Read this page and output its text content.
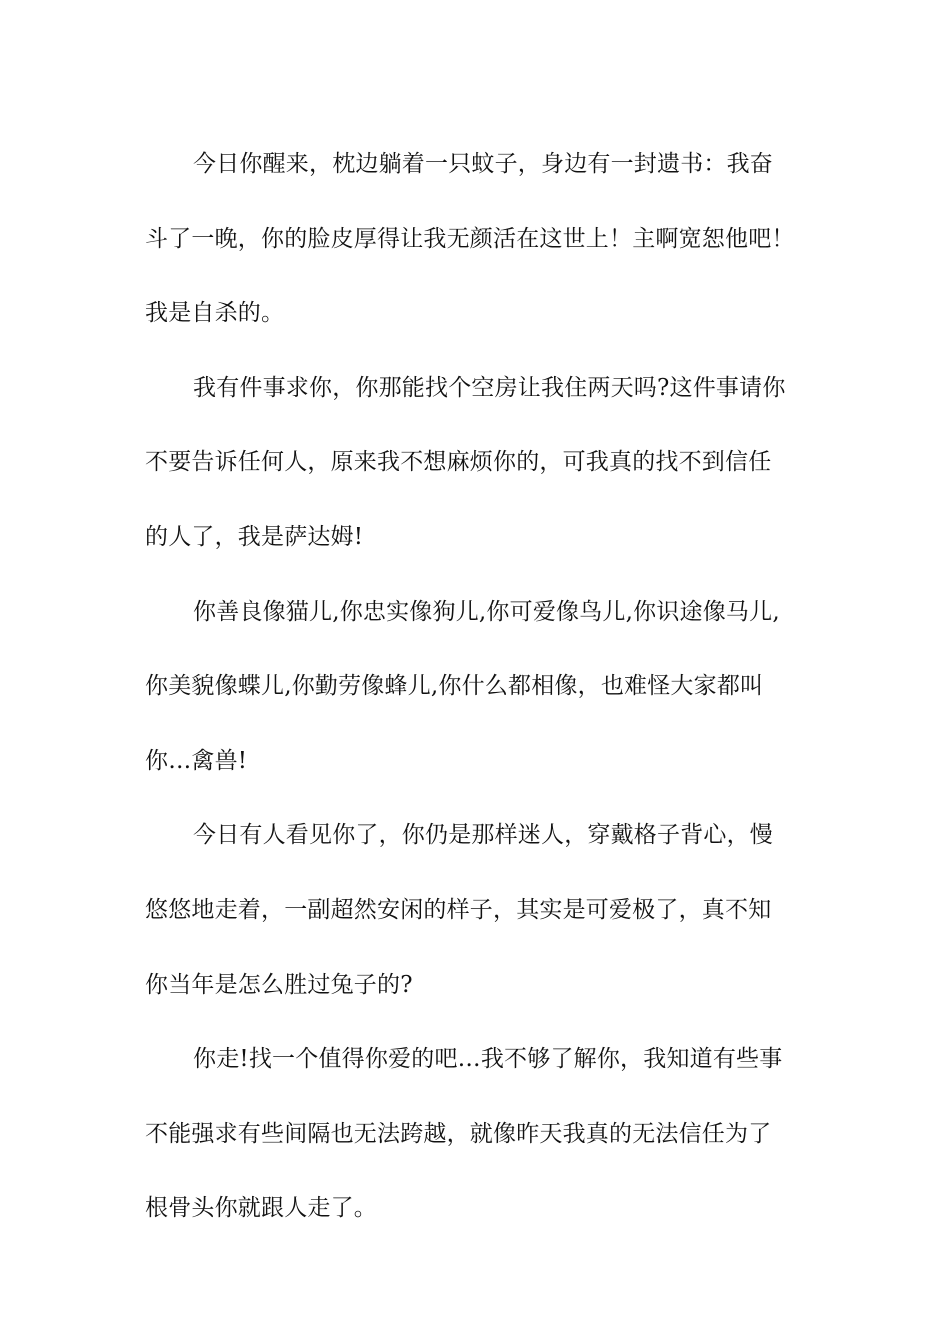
今日你醒来，枕边躺着一只蚊子，身边有一封遗书：我奋
斗了一晚，你的脸皮厚得让我无颜活在这世上！主啊宽恕他吧！
我是自杀的。
我有件事求你，你那能找个空房让我住两天吗?这件事请你
不要告诉任何人，原来我不想麻烦你的，可我真的找不到信任
的人了，我是萨达姆!
你善良像猫儿,你忠实像狗儿,你可爱像鸟儿,你识途像马儿,
你美貌像蝶儿,你勤劳像蜂儿,你什么都相像，也难怪大家都叫
你…禽兽!
今日有人看见你了，你仍是那样迷人，穿戴格子背心，慢
悠悠地走着，一副超然安闲的样子，其实是可爱极了，真不知
你当年是怎么胜过兔子的?
你走!找一个值得你爱的吧…我不够了解你，我知道有些事
不能强求有些间隔也无法跨越，就像昨天我真的无法信任为了
根骨头你就跟人走了。
